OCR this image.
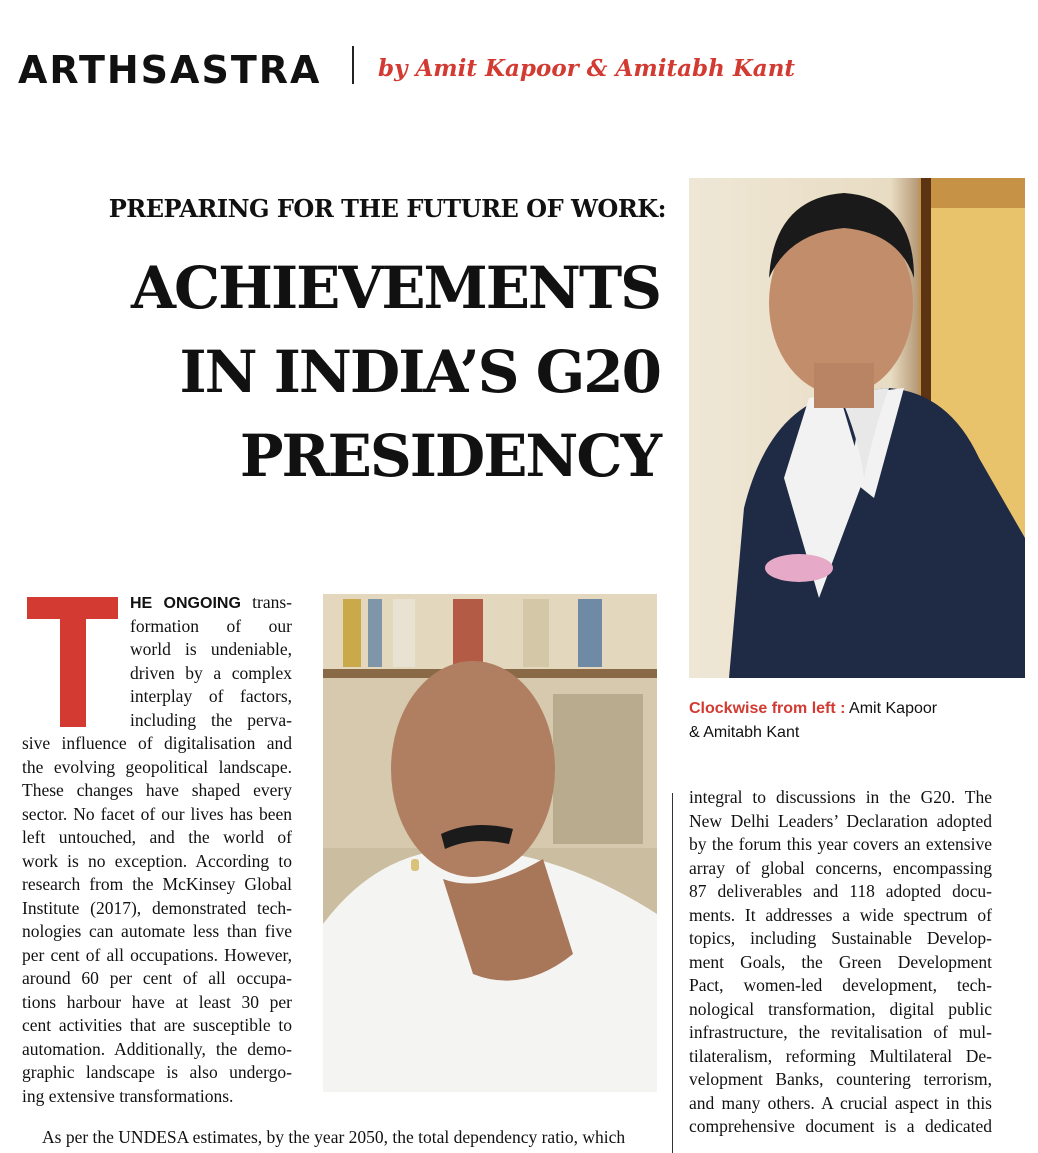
ARTHSASTRA by Amit Kapoor & Amitabh Kant
PREPARING FOR THE FUTURE OF WORK:
ACHIEVEMENTS
IN INDIA’S G20
PRESIDENCY
Clockwise from left : Amit Kapoor
& Amitabh Kant
HE ONGOING trans-
formation of our
world is undeniable,
driven by a complex
interplay of factors,
including the perva-
sive influence of digitalisation and
the evolving geopolitical landscape.
These changes have shaped every
sector. No facet of our lives has been
left untouched, and the world of
work is no exception. According to
research from the McKinsey Global
Institute (2017), demonstrated tech-
nologies can automate less than five
per cent of all occupations. However,
around 60 per cent of all occupa-
tions harbour have at least 30 per
cent activities that are susceptible to
automation. Additionally, the demo-
graphic landscape is also undergo-
ing extensive transformations.
As per the UNDESA estimates, by the year 2050, the total dependency ratio, which
integral to discussions in the G20. The
New Delhi Leaders’ Declaration adopted
by the forum this year covers an extensive
array of global concerns, encompassing
87 deliverables and 118 adopted docu-
ments. It addresses a wide spectrum of
topics, including Sustainable Develop-
ment Goals, the Green Development
Pact, women-led development, tech-
nological transformation, digital public
infrastructure, the revitalisation of mul-
tilateralism, reforming Multilateral De-
velopment Banks, countering terrorism,
and many others. A crucial aspect in this
comprehensive document is a dedicated
